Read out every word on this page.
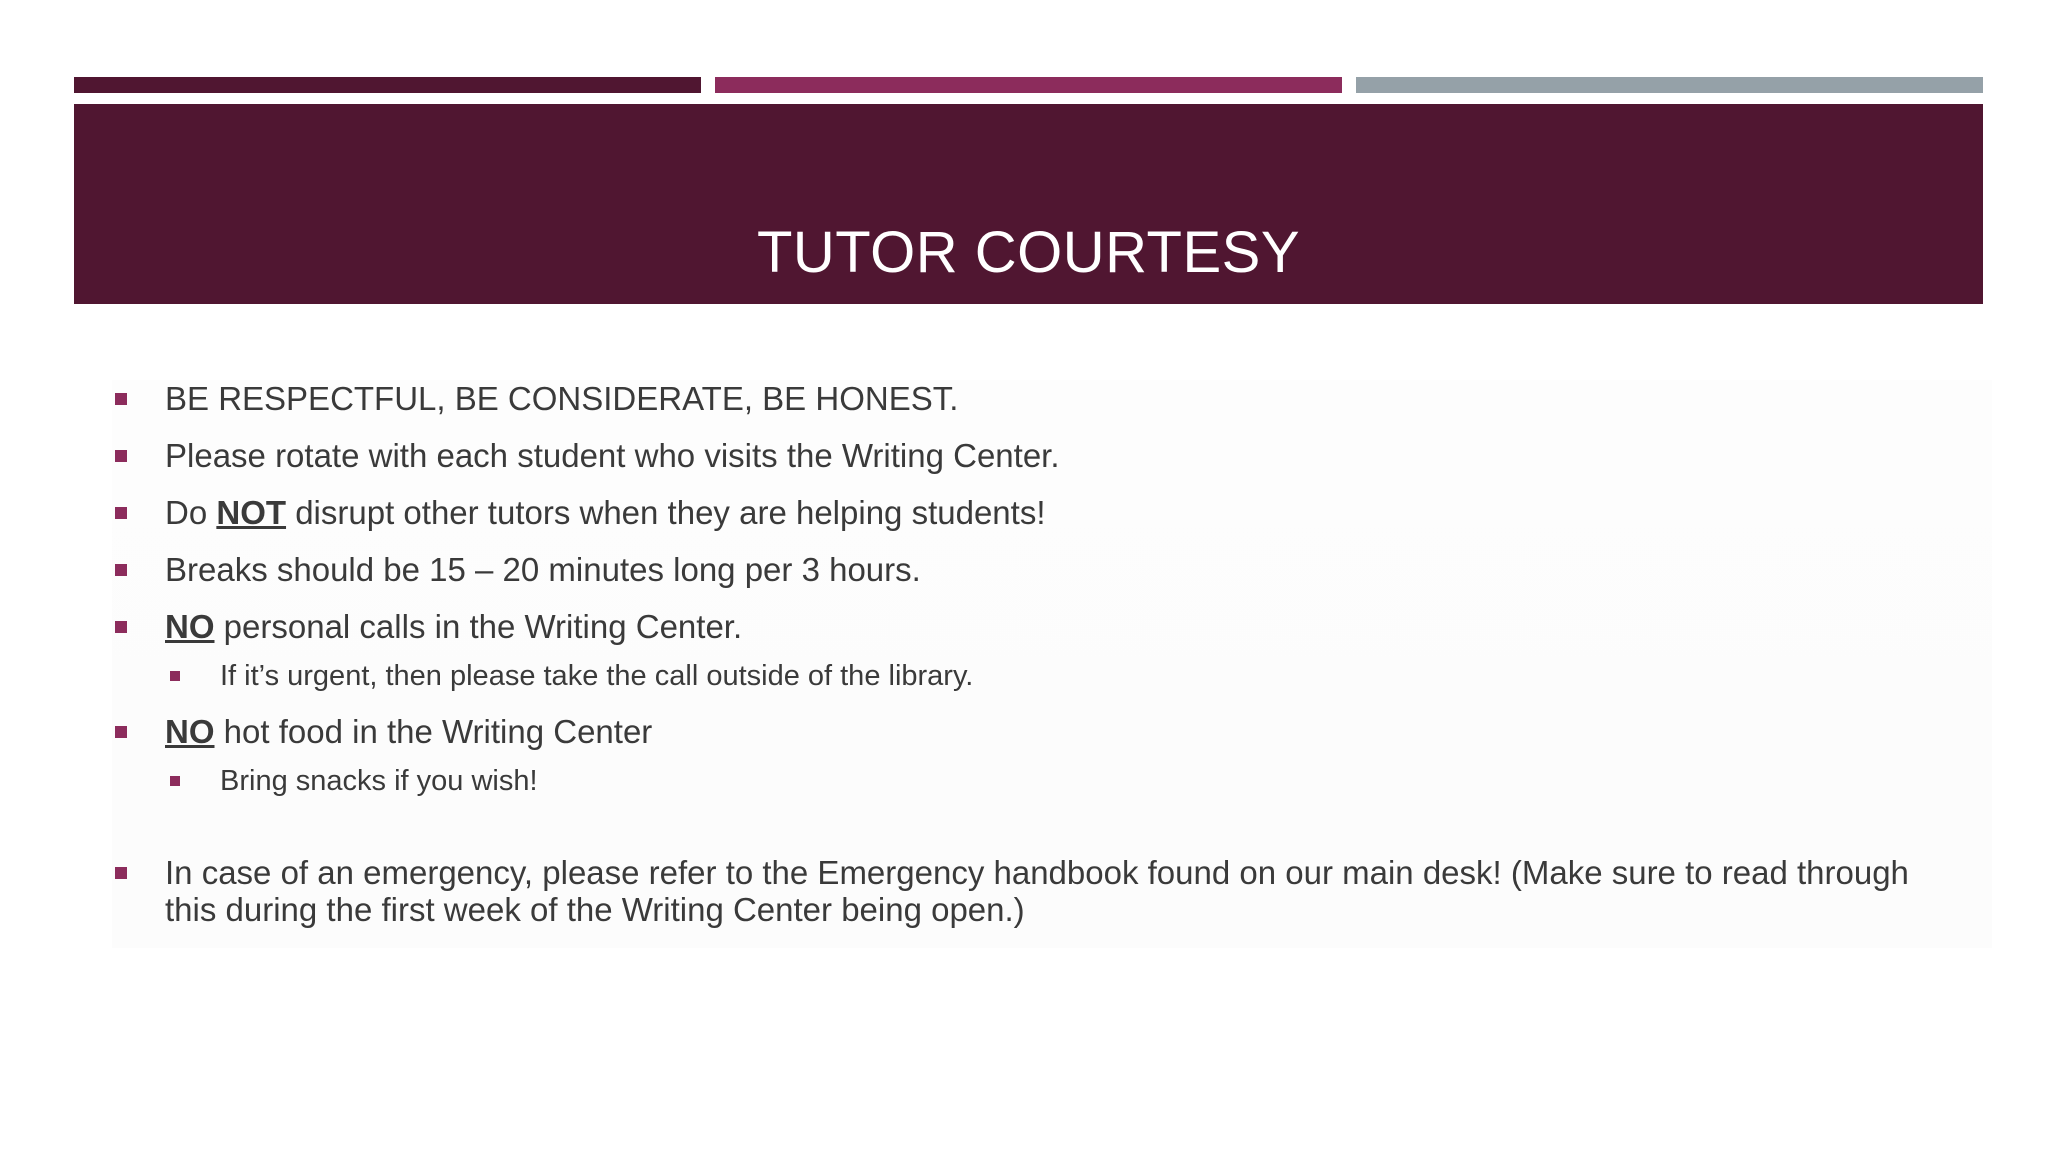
TUTOR COURTESY
BE RESPECTFUL, BE CONSIDERATE, BE HONEST.
Please rotate with each student who visits the Writing Center.
Do NOT disrupt other tutors when they are helping students!
Breaks should be 15 – 20 minutes long per 3 hours.
NO personal calls in the Writing Center.
If it’s urgent, then please take the call outside of the library.
NO hot food in the Writing Center
Bring snacks if you wish!
In case of an emergency, please refer to the Emergency handbook found on our main desk! (Make sure to read through
this during the first week of the Writing Center being open.)
